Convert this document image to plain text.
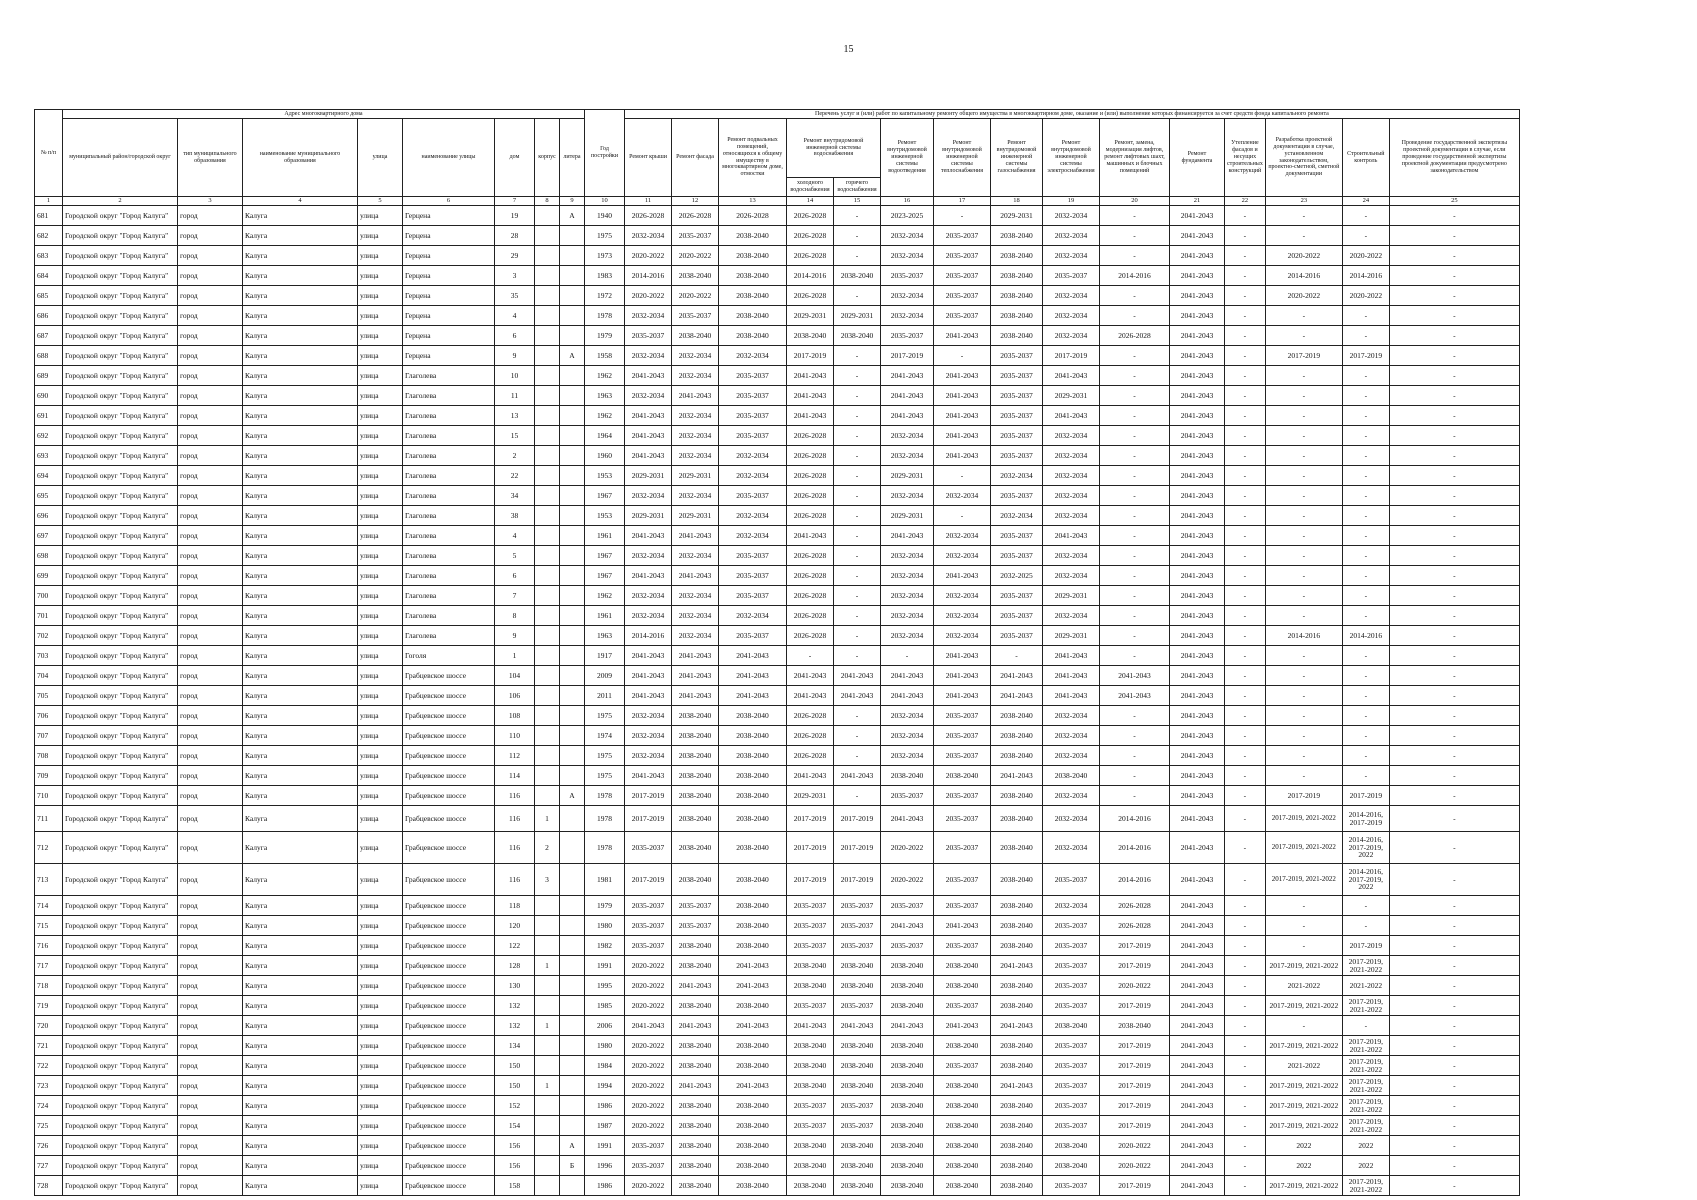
15
№ п/п	Адрес многоквартирного дома								Год постройки	Перечень услуг и (или) работ по капитальному ремонту общего имущества в многоквартирном доме, оказание и (или) выполнение которых финансируется за счет средств фонда капитального ремонта														
	муниципальный район/городской округ	тип муниципального образования	наименование муниципального образования	улица	наименование улицы	дом	корпус	литера		Ремонт крыши	Ремонт фасада	Ремонт подвальных помещений, относящихся к общему имуществу в многоквартирном доме, отмостки	Ремонт внутридомовой инженерной системы водоснабжения		Ремонт внутридомовой инженерной системы водоотведения	Ремонт внутридомовой инженерной системы теплоснабжения	Ремонт внутридомовой инженерной системы газоснабжения	Ремонт внутридомовой инженерной системы электроснабжения	Ремонт, замена, модернизация лифтов, ремонт лифтовых шахт, машинных и блочных помещений	Ремонт фундамента	Утепление фасадов и несущих строительных конструкций	Разработка проектной документации в случае, установленном законодательством, проектно-сметной, сметной документации	Строительный контроль	Проведение государственной экспертизы проектной документации в случае, если проведение государственной экспертизы проектной документации предусмотрено законодательством
													холодного водоснабжения	горячего водоснабжения										
1	2	3	4	5	6	7	8	9	10	11	12	13	14	15	16	17	18	19	20	21	22	23	24	25
681	Городской округ "Город Калуга"	город	Калуга	улица	Герцена	19		А	1940	2026-2028	2026-2028	2026-2028	2026-2028	-	2023-2025	-	2029-2031	2032-2034	-	2041-2043	-	-	-	-
682	Городской округ "Город Калуга"	город	Калуга	улица	Герцена	28			1975	2032-2034	2035-2037	2038-2040	2026-2028	-	2032-2034	2035-2037	2038-2040	2032-2034	-	2041-2043	-	-	-	-
683	Городской округ "Город Калуга"	город	Калуга	улица	Герцена	29			1973	2020-2022	2020-2022	2038-2040	2026-2028	-	2032-2034	2035-2037	2038-2040	2032-2034	-	2041-2043	-	2020-2022	2020-2022	-
684	Городской округ "Город Калуга"	город	Калуга	улица	Герцена	3			1983	2014-2016	2038-2040	2038-2040	2014-2016	2038-2040	2035-2037	2035-2037	2038-2040	2035-2037	2014-2016	2041-2043	-	2014-2016	2014-2016	-
685	Городской округ "Город Калуга"	город	Калуга	улица	Герцена	35			1972	2020-2022	2020-2022	2038-2040	2026-2028	-	2032-2034	2035-2037	2038-2040	2032-2034	-	2041-2043	-	2020-2022	2020-2022	-
686	Городской округ "Город Калуга"	город	Калуга	улица	Герцена	4			1978	2032-2034	2035-2037	2038-2040	2029-2031	2029-2031	2032-2034	2035-2037	2038-2040	2032-2034	-	2041-2043	-	-	-	-
687	Городской округ "Город Калуга"	город	Калуга	улица	Герцена	6			1979	2035-2037	2038-2040	2038-2040	2038-2040	2038-2040	2035-2037	2041-2043	2038-2040	2032-2034	2026-2028	2041-2043	-	-	-	-
688	Городской округ "Город Калуга"	город	Калуга	улица	Герцена	9		А	1958	2032-2034	2032-2034	2032-2034	2017-2019	-	2017-2019	-	2035-2037	2017-2019	-	2041-2043	-	2017-2019	2017-2019	-
689	Городской округ "Город Калуга"	город	Калуга	улица	Глаголева	10			1962	2041-2043	2032-2034	2035-2037	2041-2043	-	2041-2043	2041-2043	2035-2037	2041-2043	-	2041-2043	-	-	-	-
690	Городской округ "Город Калуга"	город	Калуга	улица	Глаголева	11			1963	2032-2034	2041-2043	2035-2037	2041-2043	-	2041-2043	2041-2043	2035-2037	2029-2031	-	2041-2043	-	-	-	-
691	Городской округ "Город Калуга"	город	Калуга	улица	Глаголева	13			1962	2041-2043	2032-2034	2035-2037	2041-2043	-	2041-2043	2041-2043	2035-2037	2041-2043	-	2041-2043	-	-	-	-
692	Городской округ "Город Калуга"	город	Калуга	улица	Глаголева	15			1964	2041-2043	2032-2034	2035-2037	2026-2028	-	2032-2034	2041-2043	2035-2037	2032-2034	-	2041-2043	-	-	-	-
693	Городской округ "Город Калуга"	город	Калуга	улица	Глаголева	2			1960	2041-2043	2032-2034	2032-2034	2026-2028	-	2032-2034	2041-2043	2035-2037	2032-2034	-	2041-2043	-	-	-	-
694	Городской округ "Город Калуга"	город	Калуга	улица	Глаголева	22			1953	2029-2031	2029-2031	2032-2034	2026-2028	-	2029-2031	-	2032-2034	2032-2034	-	2041-2043	-	-	-	-
695	Городской округ "Город Калуга"	город	Калуга	улица	Глаголева	34			1967	2032-2034	2032-2034	2035-2037	2026-2028	-	2032-2034	2032-2034	2035-2037	2032-2034	-	2041-2043	-	-	-	-
696	Городской округ "Город Калуга"	город	Калуга	улица	Глаголева	38			1953	2029-2031	2029-2031	2032-2034	2026-2028	-	2029-2031	-	2032-2034	2032-2034	-	2041-2043	-	-	-	-
697	Городской округ "Город Калуга"	город	Калуга	улица	Глаголева	4			1961	2041-2043	2041-2043	2032-2034	2041-2043	-	2041-2043	2032-2034	2035-2037	2041-2043	-	2041-2043	-	-	-	-
698	Городской округ "Город Калуга"	город	Калуга	улица	Глаголева	5			1967	2032-2034	2032-2034	2035-2037	2026-2028	-	2032-2034	2032-2034	2035-2037	2032-2034	-	2041-2043	-	-	-	-
699	Городской округ "Город Калуга"	город	Калуга	улица	Глаголева	6			1967	2041-2043	2041-2043	2035-2037	2026-2028	-	2032-2034	2041-2043	2032-2025	2032-2034	-	2041-2043	-	-	-	-
700	Городской округ "Город Калуга"	город	Калуга	улица	Глаголева	7			1962	2032-2034	2032-2034	2035-2037	2026-2028	-	2032-2034	2032-2034	2035-2037	2029-2031	-	2041-2043	-	-	-	-
701	Городской округ "Город Калуга"	город	Калуга	улица	Глаголева	8			1961	2032-2034	2032-2034	2032-2034	2026-2028	-	2032-2034	2032-2034	2035-2037	2032-2034	-	2041-2043	-	-	-	-
702	Городской округ "Город Калуга"	город	Калуга	улица	Глаголева	9			1963	2014-2016	2032-2034	2035-2037	2026-2028	-	2032-2034	2032-2034	2035-2037	2029-2031	-	2041-2043	-	2014-2016	2014-2016	-
703	Городской округ "Город Калуга"	город	Калуга	улица	Гоголя	1			1917	2041-2043	2041-2043	2041-2043	-	-	-	2041-2043	-	2041-2043	-	2041-2043	-	-	-	-
704	Городской округ "Город Калуга"	город	Калуга	улица	Грабцевское шоссе	104			2009	2041-2043	2041-2043	2041-2043	2041-2043	2041-2043	2041-2043	2041-2043	2041-2043	2041-2043	2041-2043	2041-2043	-	-	-	-
705	Городской округ "Город Калуга"	город	Калуга	улица	Грабцевское шоссе	106			2011	2041-2043	2041-2043	2041-2043	2041-2043	2041-2043	2041-2043	2041-2043	2041-2043	2041-2043	2041-2043	2041-2043	-	-	-	-
706	Городской округ "Город Калуга"	город	Калуга	улица	Грабцевское шоссе	108			1975	2032-2034	2038-2040	2038-2040	2026-2028	-	2032-2034	2035-2037	2038-2040	2032-2034	-	2041-2043	-	-	-	-
707	Городской округ "Город Калуга"	город	Калуга	улица	Грабцевское шоссе	110			1974	2032-2034	2038-2040	2038-2040	2026-2028	-	2032-2034	2035-2037	2038-2040	2032-2034	-	2041-2043	-	-	-	-
708	Городской округ "Город Калуга"	город	Калуга	улица	Грабцевское шоссе	112			1975	2032-2034	2038-2040	2038-2040	2026-2028	-	2032-2034	2035-2037	2038-2040	2032-2034	-	2041-2043	-	-	-	-
709	Городской округ "Город Калуга"	город	Калуга	улица	Грабцевское шоссе	114			1975	2041-2043	2038-2040	2038-2040	2041-2043	2041-2043	2038-2040	2038-2040	2041-2043	2038-2040	-	2041-2043	-	-	-	-
710	Городской округ "Город Калуга"	город	Калуга	улица	Грабцевское шоссе	116		А	1978	2017-2019	2038-2040	2038-2040	2029-2031	-	2035-2037	2035-2037	2038-2040	2032-2034	-	2041-2043	-	2017-2019	2017-2019	-
711	Городской округ "Город Калуга"	город	Калуга	улица	Грабцевское шоссе	116	1		1978	2017-2019	2038-2040	2038-2040	2017-2019	2017-2019	2041-2043	2035-2037	2038-2040	2032-2034	2014-2016	2041-2043	-	2017-2019, 2021-2022	2014-2016, 2017-2019	-
712	Городской округ "Город Калуга"	город	Калуга	улица	Грабцевское шоссе	116	2		1978	2035-2037	2038-2040	2038-2040	2017-2019	2017-2019	2020-2022	2035-2037	2038-2040	2032-2034	2014-2016	2041-2043	-	2017-2019, 2021-2022	2014-2016, 2017-2019, 2022	-
713	Городской округ "Город Калуга"	город	Калуга	улица	Грабцевское шоссе	116	3		1981	2017-2019	2038-2040	2038-2040	2017-2019	2017-2019	2020-2022	2035-2037	2038-2040	2035-2037	2014-2016	2041-2043	-	2017-2019, 2021-2022	2014-2016, 2017-2019, 2022	-
714	Городской округ "Город Калуга"	город	Калуга	улица	Грабцевское шоссе	118			1979	2035-2037	2035-2037	2038-2040	2035-2037	2035-2037	2035-2037	2035-2037	2038-2040	2032-2034	2026-2028	2041-2043	-	-	-	-
715	Городской округ "Город Калуга"	город	Калуга	улица	Грабцевское шоссе	120			1980	2035-2037	2035-2037	2038-2040	2035-2037	2035-2037	2041-2043	2041-2043	2038-2040	2035-2037	2026-2028	2041-2043	-	-	-	-
716	Городской округ "Город Калуга"	город	Калуга	улица	Грабцевское шоссе	122			1982	2035-2037	2038-2040	2038-2040	2035-2037	2035-2037	2035-2037	2035-2037	2038-2040	2035-2037	2017-2019	2041-2043	-	-	2017-2019	-
717	Городской округ "Город Калуга"	город	Калуга	улица	Грабцевское шоссе	128	1		1991	2020-2022	2038-2040	2041-2043	2038-2040	2038-2040	2038-2040	2038-2040	2041-2043	2035-2037	2017-2019	2041-2043	-	2017-2019, 2021-2022	2017-2019, 2021-2022	-
718	Городской округ "Город Калуга"	город	Калуга	улица	Грабцевское шоссе	130			1995	2020-2022	2041-2043	2041-2043	2038-2040	2038-2040	2038-2040	2038-2040	2038-2040	2035-2037	2020-2022	2041-2043	-	2021-2022	2021-2022	-
719	Городской округ "Город Калуга"	город	Калуга	улица	Грабцевское шоссе	132			1985	2020-2022	2038-2040	2038-2040	2035-2037	2035-2037	2038-2040	2035-2037	2038-2040	2035-2037	2017-2019	2041-2043	-	2017-2019, 2021-2022	2017-2019, 2021-2022	-
720	Городской округ "Город Калуга"	город	Калуга	улица	Грабцевское шоссе	132	1		2006	2041-2043	2041-2043	2041-2043	2041-2043	2041-2043	2041-2043	2041-2043	2041-2043	2038-2040	2038-2040	2041-2043	-	-	-	-
721	Городской округ "Город Калуга"	город	Калуга	улица	Грабцевское шоссе	134			1980	2020-2022	2038-2040	2038-2040	2038-2040	2038-2040	2038-2040	2038-2040	2038-2040	2035-2037	2017-2019	2041-2043	-	2017-2019, 2021-2022	2017-2019, 2021-2022	-
722	Городской округ "Город Калуга"	город	Калуга	улица	Грабцевское шоссе	150			1984	2020-2022	2038-2040	2038-2040	2038-2040	2038-2040	2038-2040	2035-2037	2038-2040	2035-2037	2017-2019	2041-2043	-	2021-2022	2017-2019, 2021-2022	-
723	Городской округ "Город Калуга"	город	Калуга	улица	Грабцевское шоссе	150	1		1994	2020-2022	2041-2043	2041-2043	2038-2040	2038-2040	2038-2040	2038-2040	2041-2043	2035-2037	2017-2019	2041-2043	-	2017-2019, 2021-2022	2017-2019, 2021-2022	-
724	Городской округ "Город Калуга"	город	Калуга	улица	Грабцевское шоссе	152			1986	2020-2022	2038-2040	2038-2040	2035-2037	2035-2037	2038-2040	2038-2040	2038-2040	2035-2037	2017-2019	2041-2043	-	2017-2019, 2021-2022	2017-2019, 2021-2022	-
725	Городской округ "Город Калуга"	город	Калуга	улица	Грабцевское шоссе	154			1987	2020-2022	2038-2040	2038-2040	2035-2037	2035-2037	2038-2040	2038-2040	2038-2040	2035-2037	2017-2019	2041-2043	-	2017-2019, 2021-2022	2017-2019, 2021-2022	-
726	Городской округ "Город Калуга"	город	Калуга	улица	Грабцевское шоссе	156		А	1991	2035-2037	2038-2040	2038-2040	2038-2040	2038-2040	2038-2040	2038-2040	2038-2040	2038-2040	2020-2022	2041-2043	-	2022	2022	-
727	Городской округ "Город Калуга"	город	Калуга	улица	Грабцевское шоссе	156		Б	1996	2035-2037	2038-2040	2038-2040	2038-2040	2038-2040	2038-2040	2038-2040	2038-2040	2038-2040	2020-2022	2041-2043	-	2022	2022	-
728	Городской округ "Город Калуга"	город	Калуга	улица	Грабцевское шоссе	158			1986	2020-2022	2038-2040	2038-2040	2038-2040	2038-2040	2038-2040	2038-2040	2038-2040	2035-2037	2017-2019	2041-2043	-	2017-2019, 2021-2022	2017-2019, 2021-2022	-
